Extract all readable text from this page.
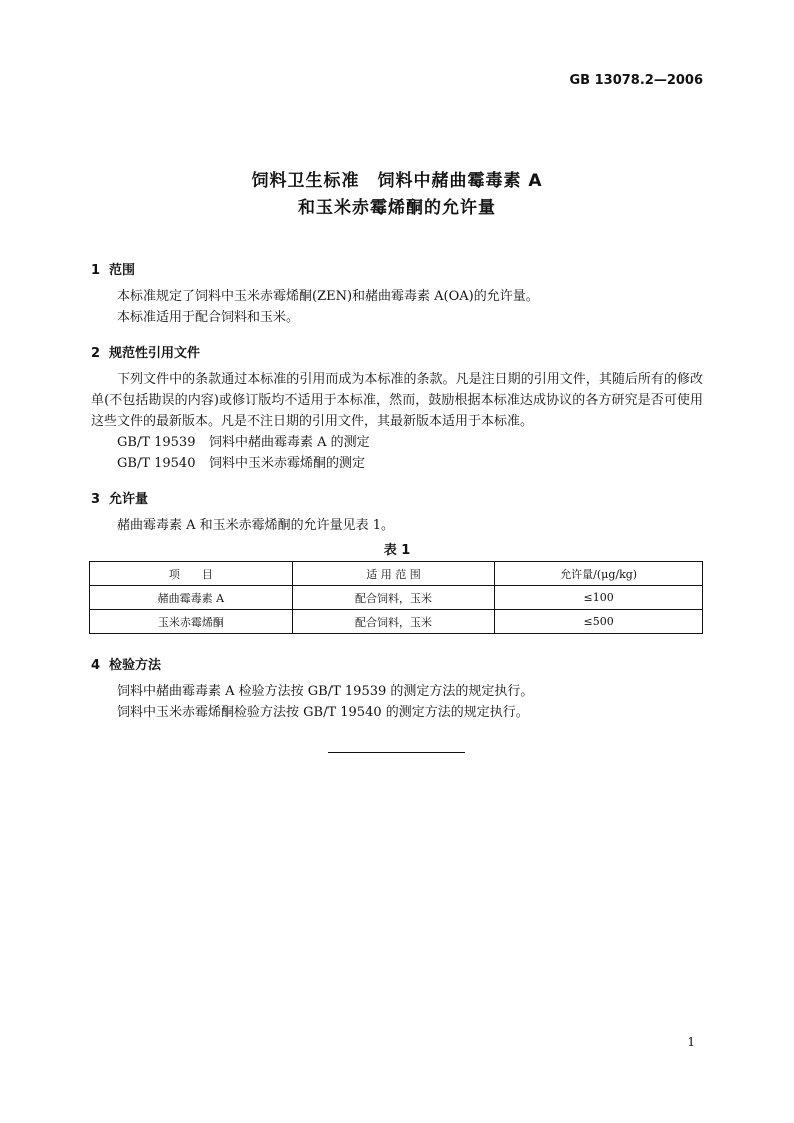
GB 13078.2—2006
饲料卫生标准　饲料中赭曲霉毒素 A
和玉米赤霉烯酮的允许量
1 范围
本标准规定了饲料中玉米赤霉烯酮(ZEN)和赭曲霉毒素 A(OA)的允许量。
本标准适用于配合饲料和玉米。
2 规范性引用文件
下列文件中的条款通过本标准的引用而成为本标准的条款。凡是注日期的引用文件，其随后所有的修改单(不包括勘误的内容)或修订版均不适用于本标准，然而，鼓励根据本标准达成协议的各方研究是否可使用这些文件的最新版本。凡是不注日期的引用文件，其最新版本适用于本标准。
GB/T 19539 饲料中赭曲霉毒素 A 的测定
GB/T 19540 饲料中玉米赤霉烯酮的测定
3 允许量
赭曲霉毒素 A 和玉米赤霉烯酮的允许量见表 1。
表 1
项　　目	适 用 范 围	允许量/(μg/kg)
赭曲霉毒素 A	配合饲料，玉米	≤100
玉米赤霉烯酮	配合饲料，玉米	≤500
4 检验方法
饲料中赭曲霉毒素 A 检验方法按 GB/T 19539 的测定方法的规定执行。
饲料中玉米赤霉烯酮检验方法按 GB/T 19540 的测定方法的规定执行。
1
